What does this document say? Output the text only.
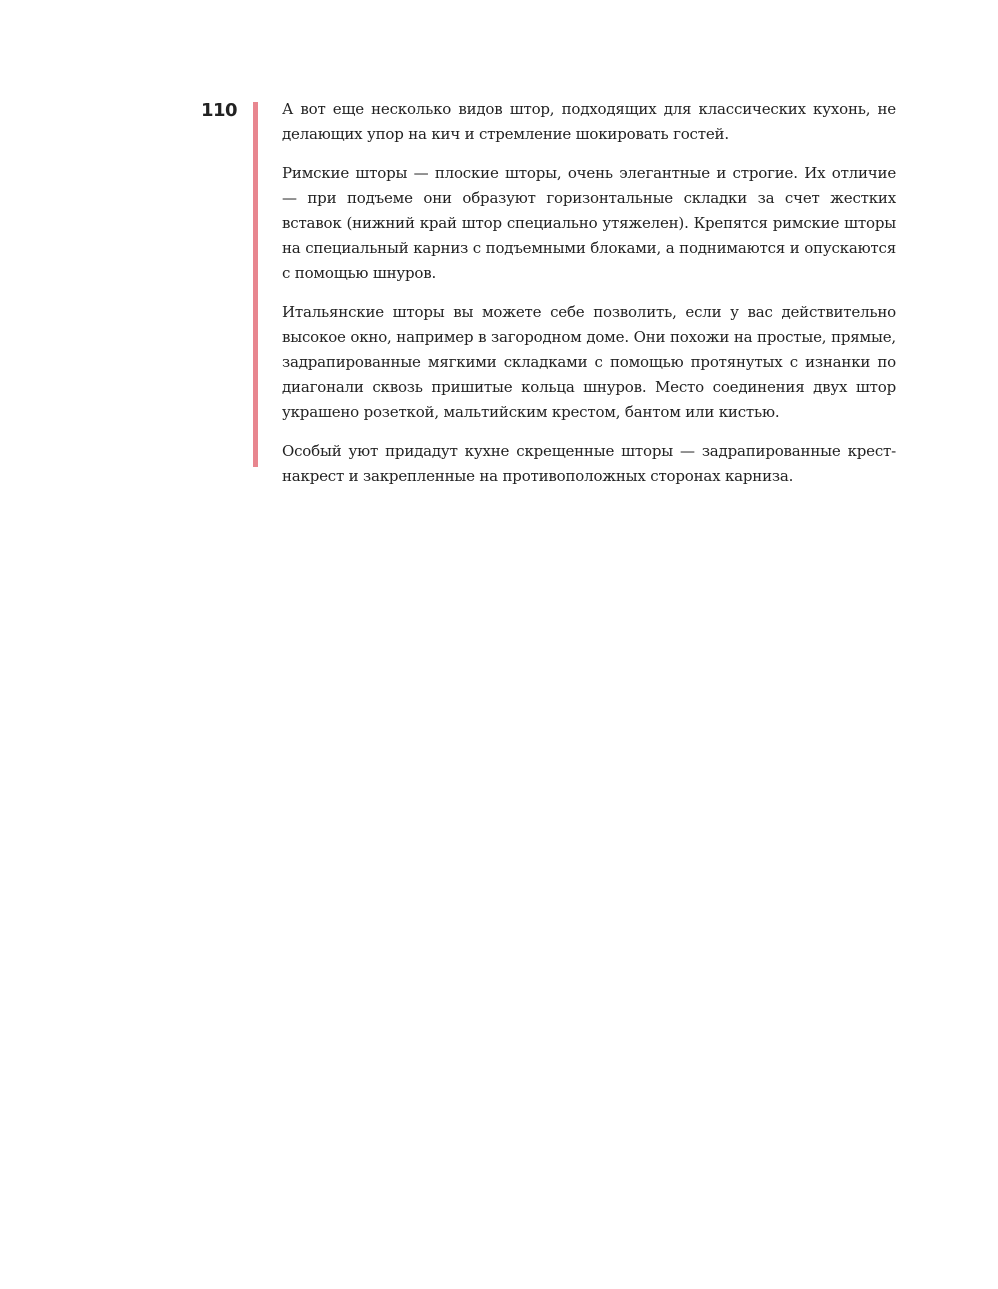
110	А вот еще несколько видов штор, подходящих для классических кухонь, не делающих упор на кич и стремление шокировать гостей.

Римские шторы — плоские шторы, очень элегантные и строгие. Их отличие — при подъеме они образуют горизонтальные складки за счет жестких вставок (нижний край штор специально утяжелен). Крепятся римские шторы на специальный карниз с подъемными блоками, а поднимаются и опускаются с помощью шнуров.

Итальянские шторы вы можете себе позволить, если у вас действительно высокое окно, например в загородном доме. Они похожи на простые, прямые, задрапированные мягкими складками с помощью протянутых с изнанки по диагонали сквозь пришитые кольца шнуров. Место соединения двух штор украшено розеткой, мальтийским крестом, бантом или кистью.

Особый уют придадут кухне скрещенные шторы — задрапированные крест-накрест и закрепленные на противоположных сторонах карниза.
